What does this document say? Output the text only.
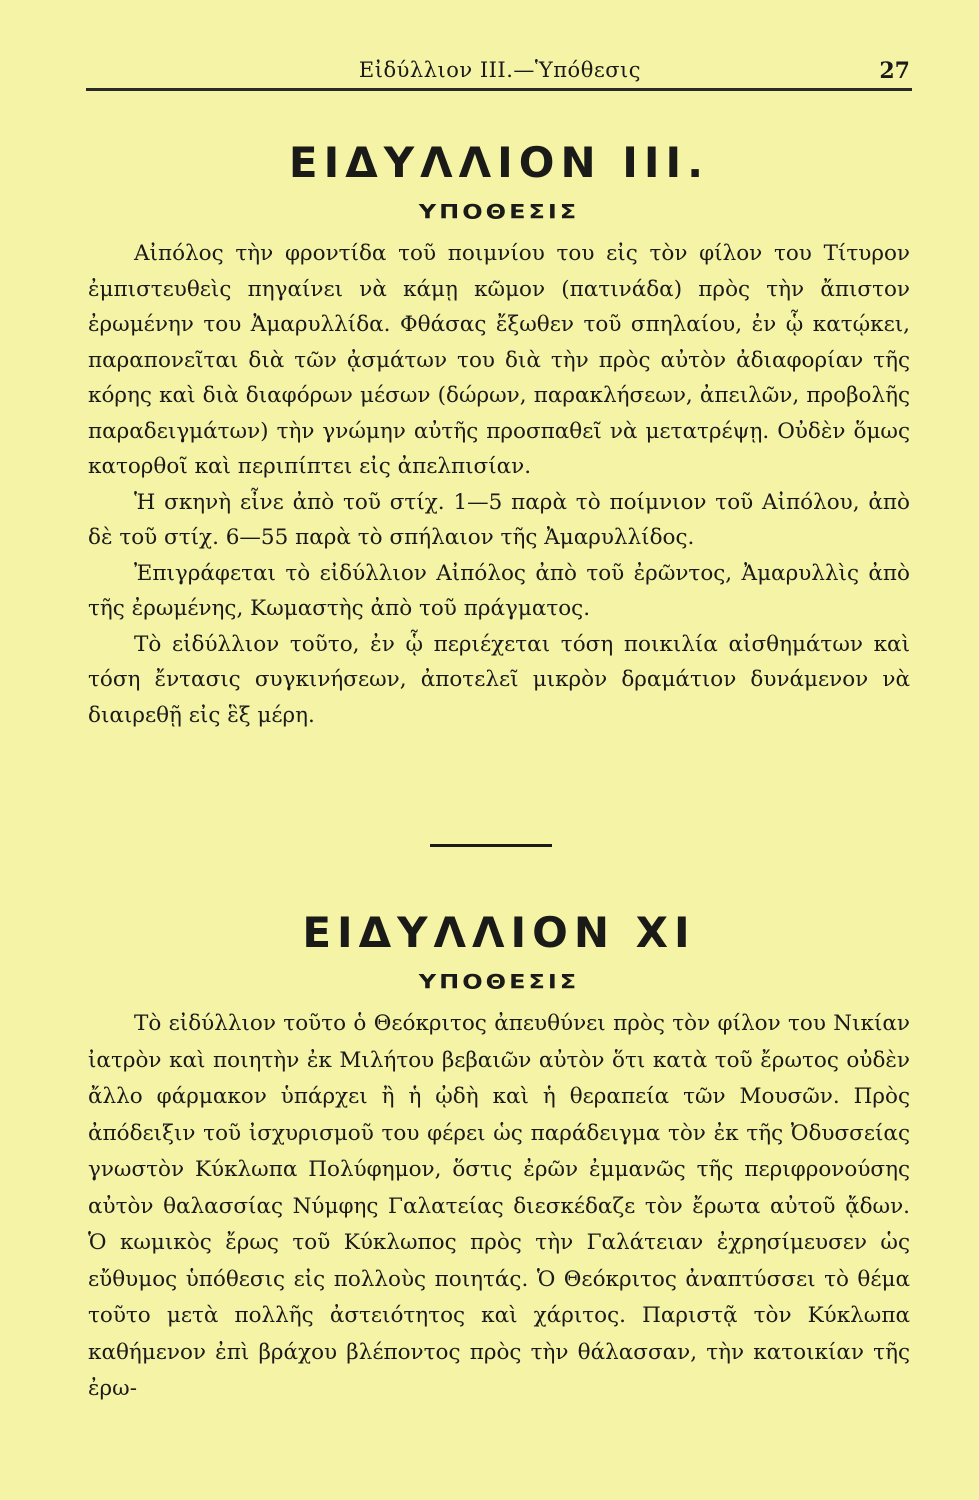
Εἰδύλλιον ΙΙΙ.—Ὑπόθεσις	27
ΕΙΔΥΛΛΙΟΝ ΙΙΙ.
ΥΠΟΘΕΣΙΣ

Αἰπόλος τὴν φροντίδα τοῦ ποιμνίου του εἰς τὸν φίλον του Τίτυρον ἐμπιστευθεὶς πηγαίνει νὰ κάμῃ κῶμον (πατινάδα) πρὸς τὴν ἄπιστον ἐρωμένην του Ἀμαρυλλίδα. Φθάσας ἔξωθεν τοῦ σπηλαίου, ἐν ᾧ κατῴκει, παραπονεῖται διὰ τῶν ᾀσμάτων του διὰ τὴν πρὸς αὐτὸν ἀδιαφορίαν τῆς κόρης καὶ διὰ διαφόρων μέσων (δώρων, παρακλήσεων, ἀπειλῶν, προβολῆς παραδειγμάτων) τὴν γνώμην αὐτῆς προσπαθεῖ νὰ μετατρέψῃ. Οὐδὲν ὅμως κατορθοῖ καὶ περιπίπτει εἰς ἀπελπισίαν.

Ἡ σκηνὴ εἶνε ἀπὸ τοῦ στίχ. 1—5 παρὰ τὸ ποίμνιον τοῦ Αἰπόλου, ἀπὸ δὲ τοῦ στίχ. 6—55 παρὰ τὸ σπήλαιον τῆς Ἀμαρυλλίδος.

Ἐπιγράφεται τὸ εἰδύλλιον Αἰπόλος ἀπὸ τοῦ ἐρῶντος, Ἀμαρυλλὶς ἀπὸ τῆς ἐρωμένης, Κωμαστὴς ἀπὸ τοῦ πράγματος.

Τὸ εἰδύλλιον τοῦτο, ἐν ᾧ περιέχεται τόση ποικιλία αἰσθημάτων καὶ τόση ἔντασις συγκινήσεων, ἀποτελεῖ μικρὸν δραμάτιον δυνάμενον νὰ διαιρεθῇ εἰς ἓξ μέρη.

ΕΙΔΥΛΛΙΟΝ ΧΙ
ΥΠΟΘΕΣΙΣ

Τὸ εἰδύλλιον τοῦτο ὁ Θεόκριτος ἀπευθύνει πρὸς τὸν φίλον του Νικίαν ἰατρὸν καὶ ποιητὴν ἐκ Μιλήτου βεβαιῶν αὐτὸν ὅτι κατὰ τοῦ ἔρωτος οὐδὲν ἄλλο φάρμακον ὑπάρχει ἢ ἡ ᾠδὴ καὶ ἡ θεραπεία τῶν Μουσῶν. Πρὸς ἀπόδειξιν τοῦ ἰσχυρισμοῦ του φέρει ὡς παράδειγμα τὸν ἐκ τῆς Ὀδυσσείας γνωστὸν Κύκλωπα Πολύφημον, ὅστις ἐρῶν ἐμμανῶς τῆς περιφρονούσης αὐτὸν θαλασσίας Νύμφης Γαλατείας διεσκέδαζε τὸν ἔρωτα αὐτοῦ ᾄδων. Ὁ κωμικὸς ἔρως τοῦ Κύκλωπος πρὸς τὴν Γαλάτειαν ἐχρησίμευσεν ὡς εὔθυμος ὑπόθεσις εἰς πολλοὺς ποιητάς. Ὁ Θεόκριτος ἀναπτύσσει τὸ θέμα τοῦτο μετὰ πολλῆς ἀστειότητος καὶ χάριτος. Παριστᾷ τὸν Κύκλωπα καθήμενον ἐπὶ βράχου βλέποντος πρὸς τὴν θάλασσαν, τὴν κατοικίαν τῆς ἐρω-
